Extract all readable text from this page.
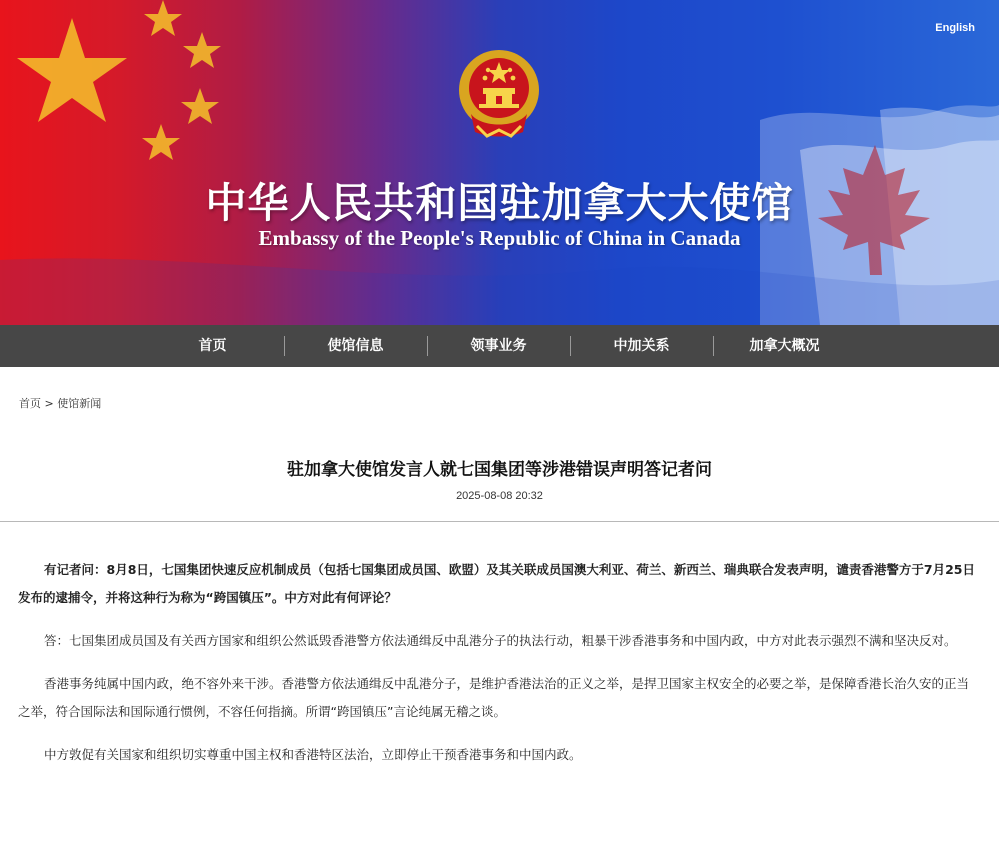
English
中华人民共和国驻加拿大大使馆
Embassy of the People's Republic of China in Canada
首页	使馆信息	领事业务	中加关系	加拿大概况
首页 > 使馆新闻
驻加拿大使馆发言人就七国集团等涉港错误声明答记者问
2025-08-08 20:32

有记者问：8月8日，七国集团快速反应机制成员（包括七国集团成员国、欧盟）及其关联成员国澳大利亚、荷兰、新西兰、瑞典联合发表声明，谴责香港警方于7月25日发布的逮捕令，并将这种行为称为“跨国镇压”。中方对此有何评论？

答：七国集团成员国及有关西方国家和组织公然诋毁香港警方依法通缉反中乱港分子的执法行动，粗暴干涉香港事务和中国内政，中方对此表示强烈不满和坚决反对。

香港事务纯属中国内政，绝不容外来干涉。香港警方依法通缉反中乱港分子，是维护香港法治的正义之举，是捍卫国家主权安全的必要之举，是保障香港长治久安的正当之举，符合国际法和国际通行惯例，不容任何指摘。所谓“跨国镇压”言论纯属无稽之谈。

中方敦促有关国家和组织切实尊重中国主权和香港特区法治，立即停止干预香港事务和中国内政。
